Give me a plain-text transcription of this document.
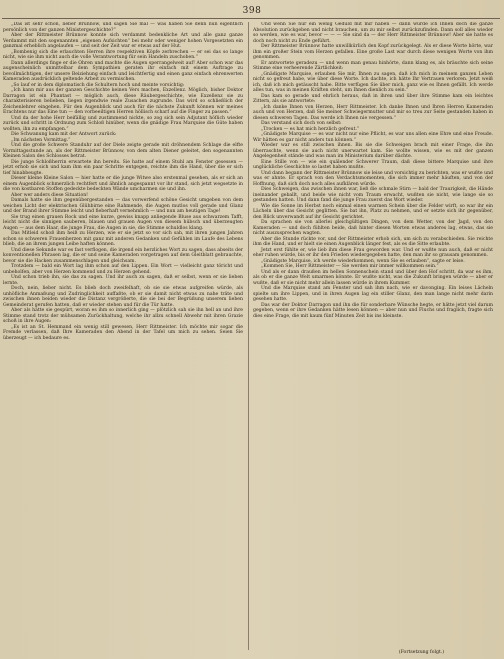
398

„Das ist sehr schön, lieber Brünnow, und sagen Sie mal — was haben Sie denn nun eigentlich persönlich von der ganzen Ministergeschichte?“

Aber der Rittmeister Brünnow konnte sich verdammt bedenkliche Art und alle ganz ganze Verdammt mit den sogenannten „eigenen Aufsichten“ bei mehr oder weniger hohen Vorgesetzten ein ganzmal erheblich angelaufen — und seit der Zeit war er etwas auf der Hut.

„Bombenig sich die erlauchten Herren ihre respektiven Köpfe zerbrechen — er sei das so lange nicht, wie sie ihm nicht auch die volle Verantwortung für sein Handeln zuschoben.“

Dann allerdings finge er die Ohren und machte die Augen sperrangelweit auf! Aber schon war das augenscheinlich unmittelbar dem Sympathien geraten ihr einfach mit einem Auftrage zu bevollmächtigen, der unsere Beiziehung einfach und leichtfertig und einen ganz einfach ehrenwerten Kameraden ausdrücklich geltende Arbeit zu vermischen.

„So lauf er in dem diplomatisch die Schultern hoch und meinte vorsichtig:

„Ich kann mir aus der ganzen Geschichte keinen Vers machen, Exzellenz. Möglich, bisher Doktor Darragon ist ein Phantast — möglich auch, diese Räubergeschichte, wie Exzellenz sie zu charakterisieren belieben, liegen irgendwie reale Zusachen zugrunde. Das wird so schließlich der Zeichenlehrer eingehen. Für den Augenblick und auch für die nächste Zukunft können wir meines Erachtens nur das Eine tun — den vorbeeiltigen Herren höllisch scharf auf die Finger zu passen.“

Und da der hohe Herr beifällig und zustimmend nickte, so zog sich sein Adjutant höflich wieder zurück und schritt in Ordnung zum Schloß hinüber, wenn die gnädige Frau Marquise die Güte haben wollten, ihn zu empfangen.“

Die Schwanung kam mit der Antwort zurück:

„Im nächsten Vormittag.“

Und die große Schwere Standuhr auf der Diele zeigte gerade mit dröhnendem Schlage die elfte Vormittagsstunde an, als der Rittmeister Brünnow, von dem alten Diener geleitet, den sogenannten Kleinen Salon des Schlosses betrat.

Die junge Schloßherrin erwartete ihn bereits. Sie hatte auf einem Stuhl am Fenster gesessen — jetzt erhob sie sich und kam ihm ein paar Schritte entgegen, reichte ihm die Hand, über die er sich tief hinabbeugte.

Dieser kleine Kleine Salon — hier hatte er die junge Witwe also erstenmal gesehen, als er sich an einem Augenblick schmerzlich rechtfert und ähnlich angespannt vor ihr stand, sich jetzt wegsetzte in die von kostbaren Stoffen gedeckte bedeckten Wände umcharmen sie und ihn.

Aber wer anders diese Situation!

Damals hatte sie ihm gegenübergestanden — das vorwerfend schöne Gesicht umgeben von dem weichen Licht der elektrischen Glühbirne eine Rahmende, die Augen mutlos voll gerade und Glanz und der Brand ihrer Stimme leicht und fieberhaft vernehmlich — und nun am heutigen Tage!

Sie trug einen grauen Rock und eine kurze, gewiss knapp anliegende Bluse aus schwarzem Tafft, leicht nicht die sinnigen sauberen, blauen und grauen Augen von diesem hübsch und überzeugten Augen — aus dem Haar, die junge Frau, die Augen in sie, die Stimme schuldlos klang.

Das Mitleid schoß ihm heiß zu Herzen, wie er sie jetzt so vor sich sah, mit ihren jungen Jahren schon so schweren Frauenherzen mit ganz mit anderen Gedanken und Gefühlen im Laufe des Lebens blieb, die an ihrem jungen Leibe haften können.

Und diese Sekunde war es fast verflogen, die irgend ein herzliches Wort zu sagen, dass abseits der konventionellen Phrasen lag, die er und seine Kameraden vorgetragen auf dem Gleitblatt gebrauchte, bevor sie die Hacken zusammenschlagen und gleichsam.

Trotzdem — bald ein Wort lag ihm schon auf den Lippen. Ein Wort — vielleicht ganz töricht und unbeholfen, aber von Herzen kommend und zu Herzen gehend.

Und schon trieb ihn, sie das zu sagen. Und ihr auch zu sagen, daß er selbst, wenn er sie lieben lernte.

Doch, nein, lieber nicht. Es blieb doch zweifelhaft, ob sie sie etwas aufgreifen würde, als unhöfliche Anmaßung und Zudringlichkeit auffaßte, ob er sie damit nicht etwas zu nahe träte und zwischen ihnen beiden wieder die Distanz vergrößerte, die sie bei der Begrüßung unserem lieben Gemeinderat gerufen hatten, daß er wieder stehen und für die Tür hatte.

Aber als hätte sie gespürt, woran es ihm so innerlich ging — plötzlich sah sie ihn hell an und ihre Stimme stand trotz der mühsamen Zurückhaltung, welche ihr allzu schnell Abwehr mit ihren Grazie schoß in ihre Augen:

„Es ist an St. Hemmand ein wenig still gewesen, Herr Rittmeister. Ich möchte mir sogar die Fremde verlassen, daß Ihre Kameraden den Abend in der Tafel um mich zu sehen. Seien Sie überzeugt — ich bedaure es.

Und wenn Sie nur ein wenig Geduld mit mir haben — dann würde ich Ihnen doch die ganze Absolution zurückgeben und nicht brauchen, um zu mir selbst zurückzufinden. Dann soll alles wieder so werden, wie es war, bevor — — — Sie sind da — der Herr Rittmeister Brünnow! Aber sie hatte es doch noch nicht zu Ende geführt.

Der Rittmeister Brünnow hatte unwillkürlich den Kopf zurückgelegt. Als er diese Worte hörte, war ihm ein großer Stein vom Herzen gefallen. Eine große Last war durch diese wenigen Worte von ihm genommen.

Er antwortete geradezu — und wenn man genau hinhörte, dann klang es, als bräuchte sich seine Stimme eine verheerende Zärtlichkeit:

„Gnädigste Marquise, erlauben Sie mir, Ihnen zu sagen, daß ich mich in meinem ganzen Leben nicht so gefreut habe, wie über diese Worte. Ich dachte, ich hätte Ihr Vertrauen verloren. Jetzt weiß ich, daß ich mich getäuscht habe. Bitte verfügen Sie über mich, ganz wie es Ihnen gefällt. Ich werde alles tun, was in meinen Kräften steht, um Ihnen dienlich zu sein.“

Das kam so gerade und ehrlich heraus, daß in ihren und über ihre Stimme kam ein leichtes Zittern, als sie antwortete:

„Ich danke Ihnen von Herzen, Herr Rittmeister. Ich danke Ihnen und Ihren Herren Kameraden auch und von Herzen, daß Sie meiner Schwiegermutter und mir so treu zur Seite gestanden haben in diesen schweren Tagen. Das werde ich Ihnen nie vergessen.“

Das verstand sich doch von selbst:

„Trocken — es hat mich herzlich gefreut.“

„Gnädigste Marquise — es war nicht nur eine Pflicht, es war uns allen eine Ehre und eine Freude. Wir hätten es gar nicht anders tun können.“

Wieder war es still zwischen ihnen. Bis sie die Schweigen brach mit einer Frage, die ihn überraschte, wenn sie auch nicht unerwartet kam. Sie wollte wissen, wie es mit der ganzen Angelegenheit stände und was man im Ministerium darüber dächte.

Eine Stille von — wie ein quälender Schwerer Traum, daß diese bittere Marquise und ihre unglückliche Geschichte so lastet haben mußte.

Und dann begann der Rittmeister Brünnow sie leise und vorsichtig zu berichten, was er wußte und was er ahnte. Er sprach von den Verdachtsmomenten, die sich immer mehr häuften, und von der Hoffnung, daß sich doch noch alles aufklären würde.

Dies Schweigen, das zwischen ihnen war, ließ die schmale Stirn — bald der Traurigkeit, die Hände ineinander geballt, und beide wie nicht vom Traum erwacht, wußten sie nicht, wie lange sie so gestanden hatten. Und dann fand die junge Frau zuerst das Wort wieder.

Wie die Sonne im Herbst noch einmal einen warmen Schein über die Felder wirft, so war ihr ein Lächeln über das Gesicht geglitten. Sie bat ihn, Platz zu nehmen, und er setzte sich ihr gegenüber, den Blick unverwandt auf ihr Gesicht gerichtet.

Da sprachen sie von allerlei gleichgültigen Dingen, von dem Wetter, von der Jagd, von den Kameraden — und doch fühlten beide, daß hinter diesen Worten etwas anderes lag, etwas, das sie nicht auszusprechen wagten.

Aber die Stunde rückte vor, und der Rittmeister erhob sich, um sich zu verabschieden. Sie reichte ihm die Hand, und er hielt sie einen Augenblick länger fest, als es die Sitte erlaubte.

Jetzt erst fühlte er, wie lieb ihm diese Frau geworden war. Und er wußte nun auch, daß er nicht eher ruhen würde, bis er ihr den Frieden wiedergegeben hatte, den man ihr so grausam genommen.

„Gnädigste Marquise, ich werde wiederkommen, wenn Sie es erlauben“, sagte er leise.

„Kommen Sie, Herr Rittmeister — Sie werden mir immer willkommen sein.“

Und als er dann draußen im hellen Sonnenschein stand und über den Hof schritt, da war es ihm, als ob er die ganze Welt umarmen könnte. Er wußte nicht, was die Zukunft bringen würde — aber er wußte, daß er sie nicht mehr allein lassen würde in ihrem Kummer.

Und die Marquise stand am Fenster und sah ihm nach, wie er davonging. Ein leises Lächeln spielte um ihre Lippen, und in ihren Augen lag ein stiller Glanz, den man lange nicht mehr darin gesehen hatte.

Das war der Doktor Darragon und ihn die für sonderbare Wünsche hegte, er hätte jetzt viel darum gegeben, wenn er ihre Gedanken hätte lesen können — aber nun und Fluchs und fraglich, fragte sich dies eine Frage, die mit kaum fünf Minuten Zeit bis ins kleinste.

(Fortsetzung folgt.)
